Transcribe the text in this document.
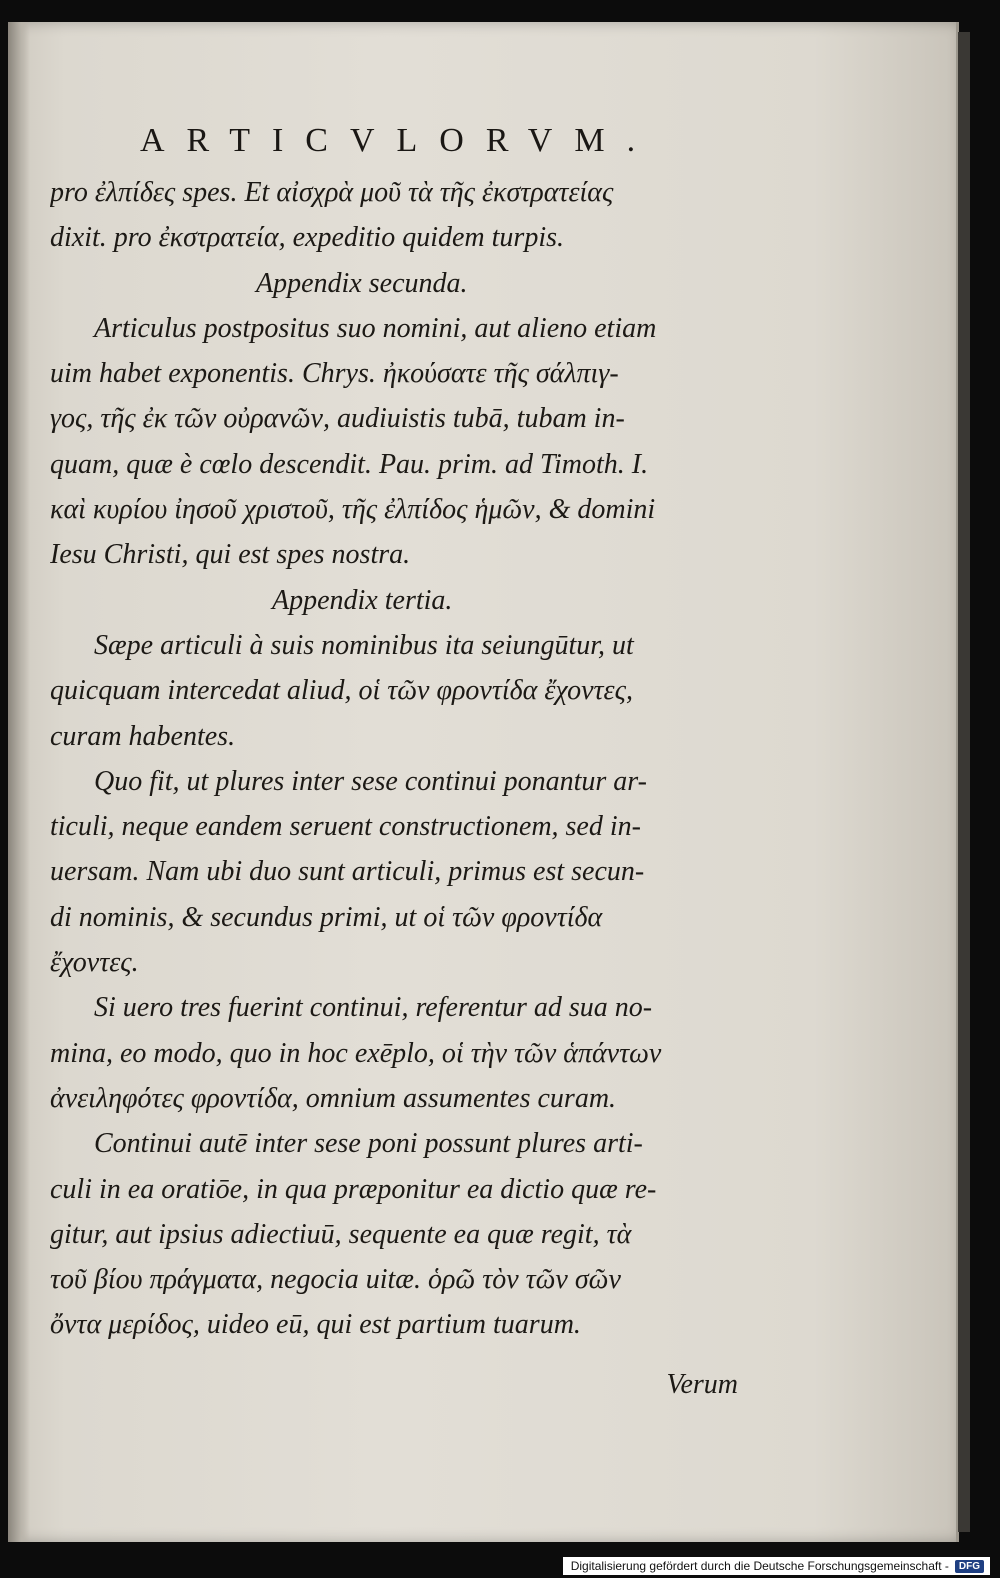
ARTICVLORVM.
pro ἐλπίδες spes. Et αἰσχρὰ μοῦ τὰ τῆς ἐκστρατείας
dixit. pro ἐκστρατεία, expeditio quidem turpis.
Appendix secunda.
Articulus postpositus suo nomini, aut alieno etiam
uim habet exponentis. Chrys. ἠκούσατε τῆς σάλπιγ-
γος, τῆς ἐκ τῶν οὐρανῶν, audiuistis tubā, tubam in-
quam, quæ è cœlo descendit. Pau. prim. ad Timoth. I.
καὶ κυρίου ἰησοῦ χριστοῦ, τῆς ἐλπίδος ἡμῶν, & domini
Iesu Christi, qui est spes nostra.
Appendix tertia.
Sæpe articuli à suis nominibus ita seiungūtur, ut
quicquam intercedat aliud, οἱ τῶν φροντίδα ἔχοντες,
curam habentes.
Quo fit, ut plures inter sese continui ponantur ar-
ticuli, neque eandem seruent constructionem, sed in-
uersam. Nam ubi duo sunt articuli, primus est secun-
di nominis, & secundus primi, ut οἱ τῶν φροντίδα
ἔχοντες.
Si uero tres fuerint continui, referentur ad sua no-
mina, eo modo, quo in hoc exēplo, οἱ τὴν τῶν ἁπάντων
ἀνειληφότες φροντίδα, omnium assumentes curam.
Continui autē inter sese poni possunt plures arti-
culi in ea oratiōe, in qua præponitur ea dictio quæ re-
gitur, aut ipsius adiectiuū, sequente ea quæ regit, τὰ
τοῦ βίου πράγματα, negocia uitæ. ὁρῶ τὸν τῶν σῶν
ὄντα μερίδος, uideo eū, qui est partium tuarum.
Verum
Digitalisierung gefördert durch die Deutsche Forschungsgemeinschaft -	DFG
